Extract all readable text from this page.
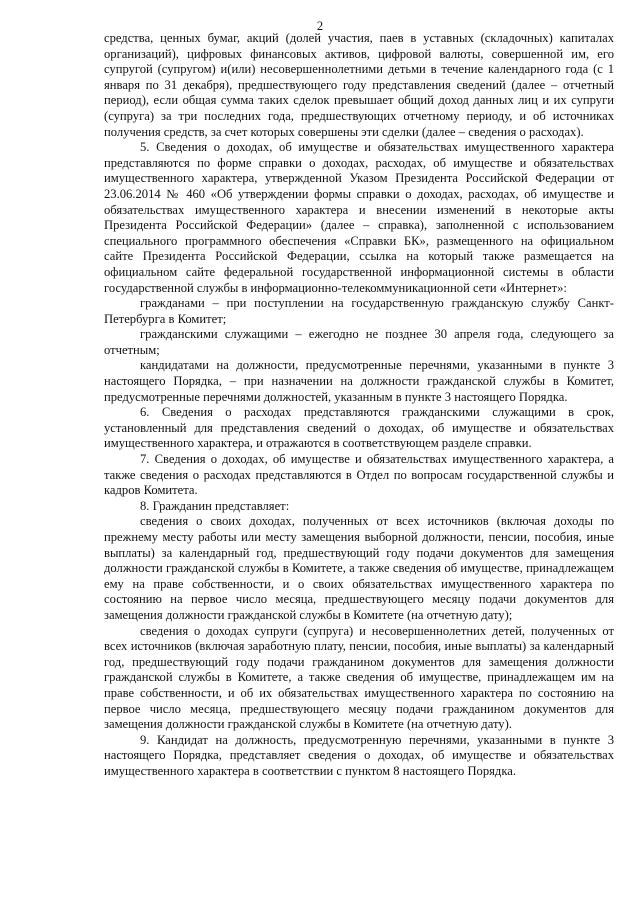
2

средства, ценных бумаг, акций (долей участия, паев в уставных (складочных) капиталах организаций), цифровых финансовых активов, цифровой валюты, совершенной им, его супругой (супругом) и(или) несовершеннолетними детьми в течение календарного года (с 1 января по 31 декабря), предшествующего году представления сведений (далее – отчетный период), если общая сумма таких сделок превышает общий доход данных лиц и их супруги (супруга) за три последних года, предшествующих отчетному периоду, и об источниках получения средств, за счет которых совершены эти сделки (далее – сведения о расходах).

5. Сведения о доходах, об имуществе и обязательствах имущественного характера представляются по форме справки о доходах, расходах, об имуществе и обязательствах имущественного характера, утвержденной Указом Президента Российской Федерации от 23.06.2014 № 460 «Об утверждении формы справки о доходах, расходах, об имуществе и обязательствах имущественного характера и внесении изменений в некоторые акты Президента Российской Федерации» (далее – справка), заполненной с использованием специального программного обеспечения «Справки БК», размещенного на официальном сайте Президента Российской Федерации, ссылка на который также размещается на официальном сайте федеральной государственной информационной системы в области государственной службы в информационно-телекоммуникационной сети «Интернет»:

гражданами – при поступлении на государственную гражданскую службу Санкт-Петербурга в Комитет;

гражданскими служащими – ежегодно не позднее 30 апреля года, следующего за отчетным;

кандидатами на должности, предусмотренные перечнями, указанными в пункте 3 настоящего Порядка, – при назначении на должности гражданской службы в Комитет, предусмотренные перечнями должностей, указанным в пункте 3 настоящего Порядка.

6. Сведения о расходах представляются гражданскими служащими в срок, установленный для представления сведений о доходах, об имуществе и обязательствах имущественного характера, и отражаются в соответствующем разделе справки.

7. Сведения о доходах, об имуществе и обязательствах имущественного характера, а также сведения о расходах представляются в Отдел по вопросам государственной службы и кадров Комитета.

8. Гражданин представляет:

сведения о своих доходах, полученных от всех источников (включая доходы по прежнему месту работы или месту замещения выборной должности, пенсии, пособия, иные выплаты) за календарный год, предшествующий году подачи документов для замещения должности гражданской службы в Комитете, а также сведения об имуществе, принадлежащем ему на праве собственности, и о своих обязательствах имущественного характера по состоянию на первое число месяца, предшествующего месяцу подачи документов для замещения должности гражданской службы в Комитете (на отчетную дату);

сведения о доходах супруги (супруга) и несовершеннолетних детей, полученных от всех источников (включая заработную плату, пенсии, пособия, иные выплаты) за календарный год, предшествующий году подачи гражданином документов для замещения должности гражданской службы в Комитете, а также сведения об имуществе, принадлежащем им на праве собственности, и об их обязательствах имущественного характера по состоянию на первое число месяца, предшествующего месяцу подачи гражданином документов для замещения должности гражданской службы в Комитете (на отчетную дату).

9. Кандидат на должность, предусмотренную перечнями, указанными в пункте 3 настоящего Порядка, представляет сведения о доходах, об имуществе и обязательствах имущественного характера в соответствии с пунктом 8 настоящего Порядка.
